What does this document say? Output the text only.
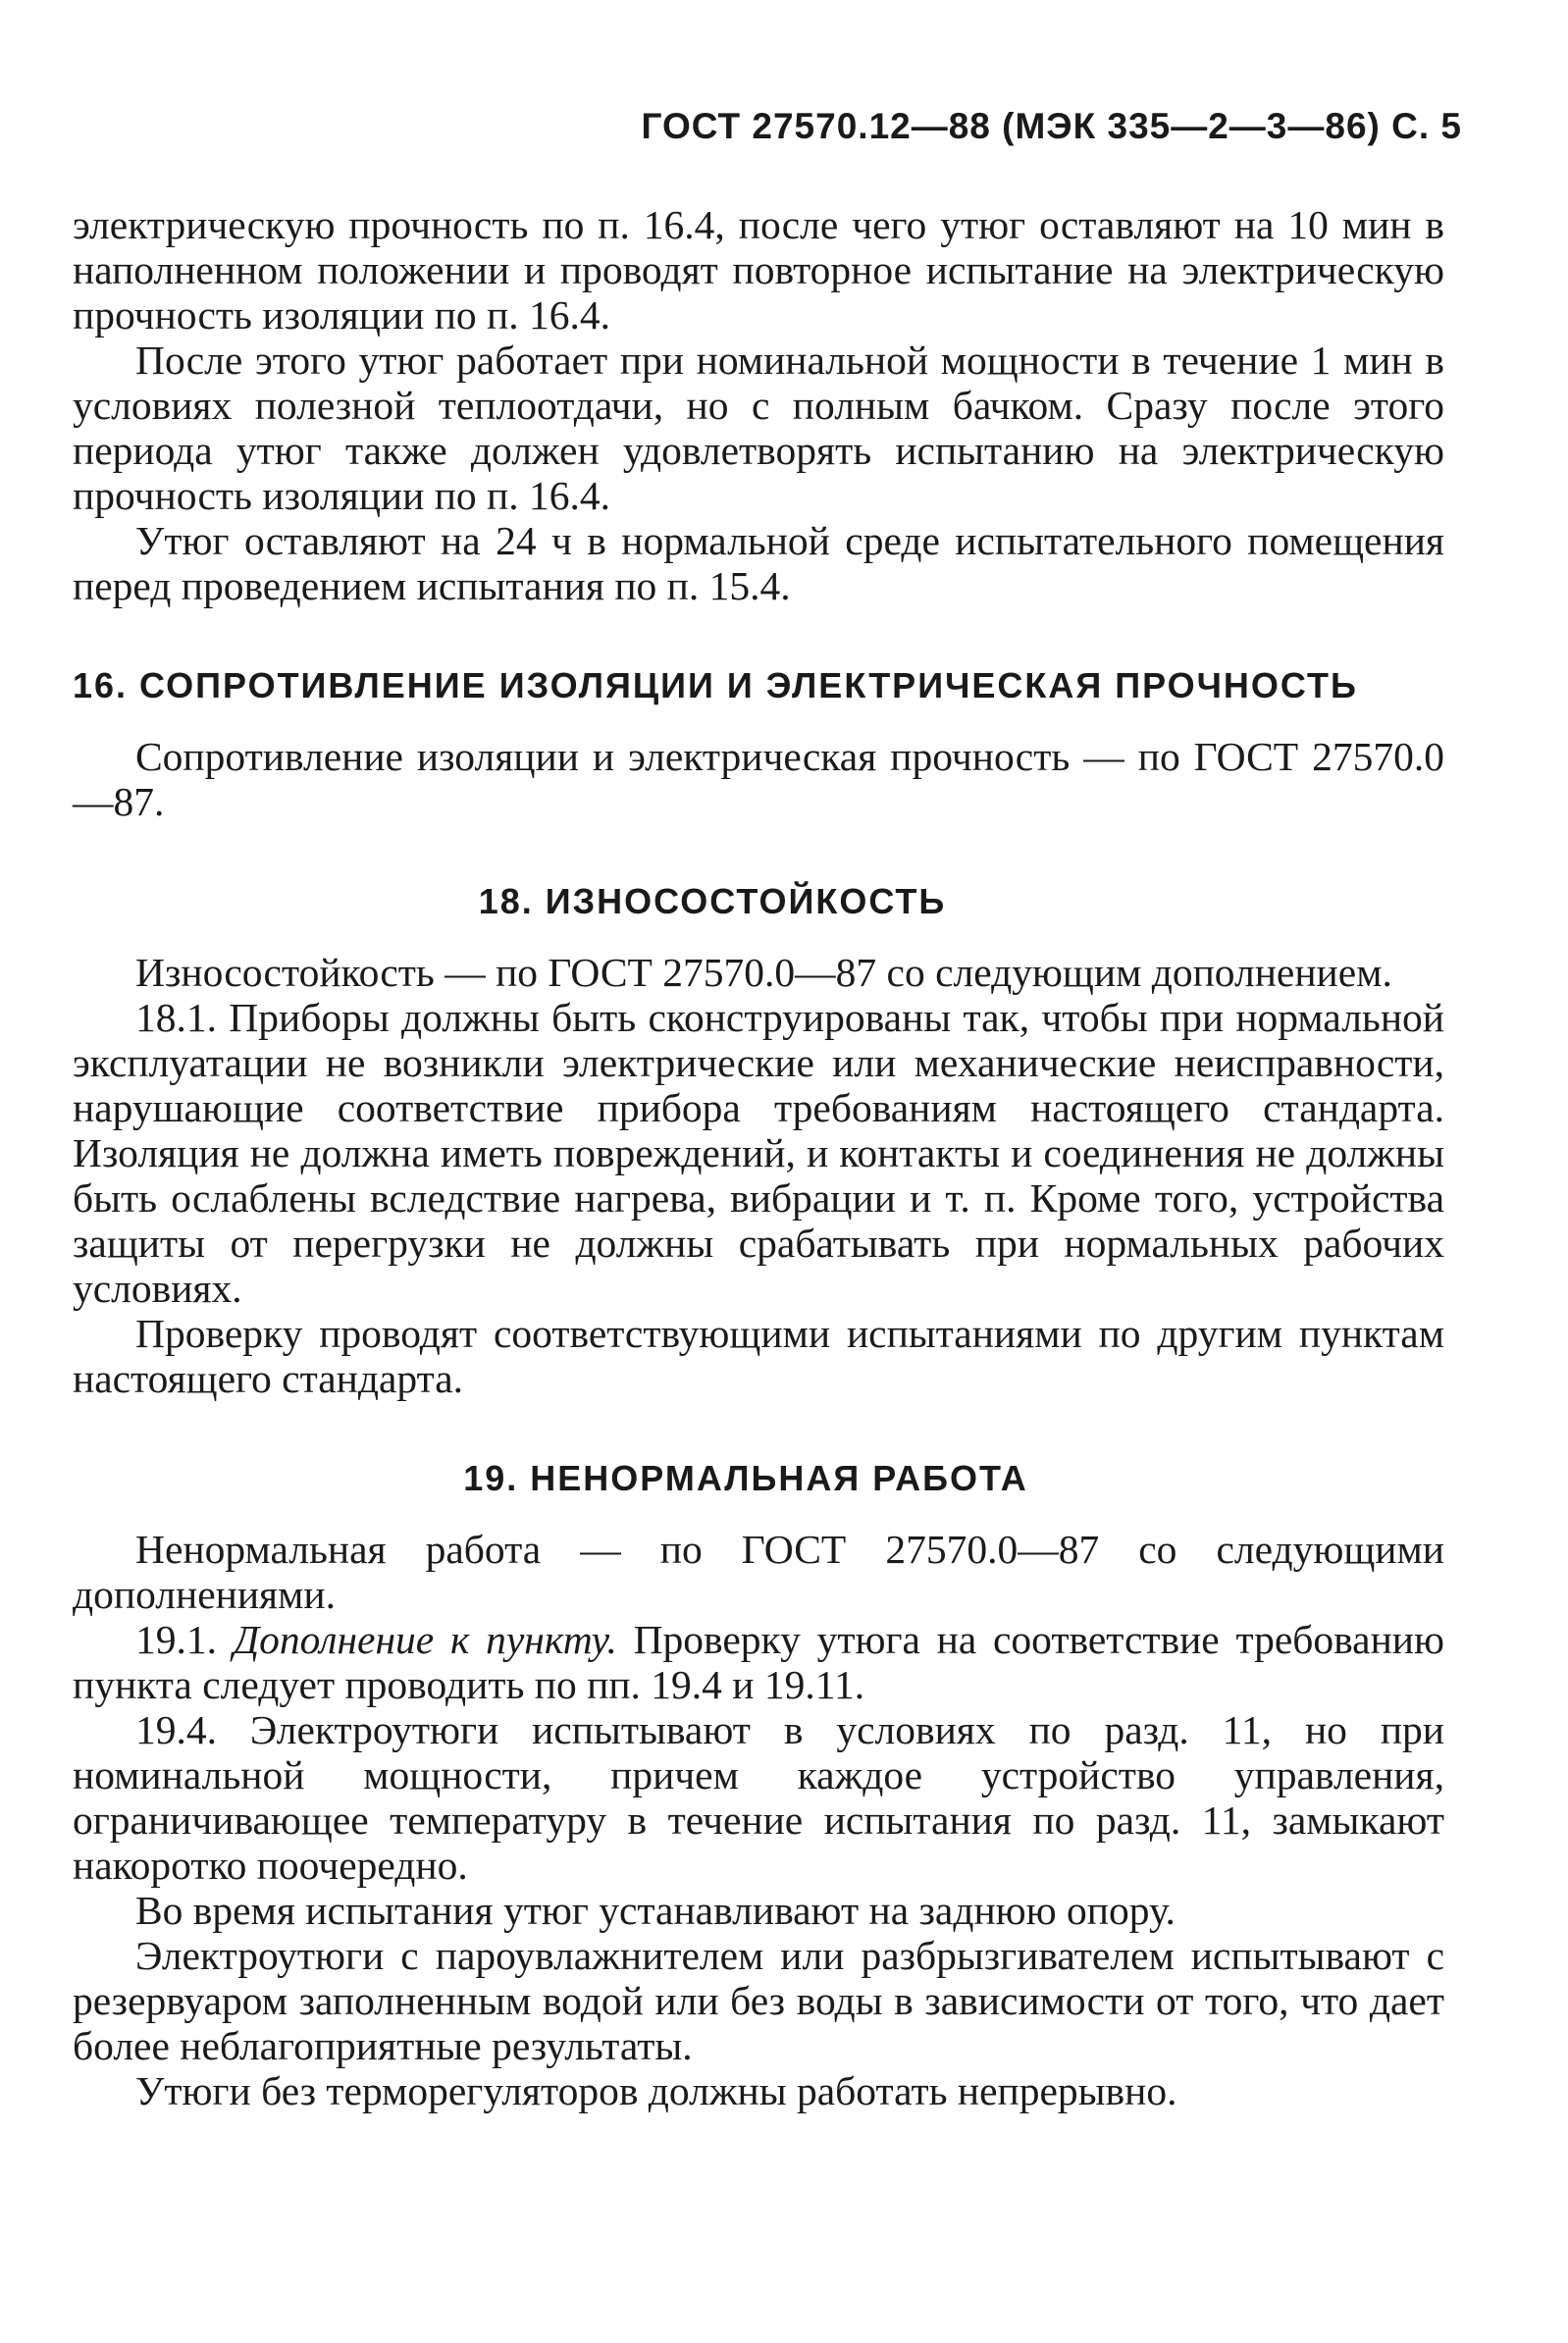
ГОСТ 27570.12—88 (МЭК 335—2—3—86) С. 5

электрическую прочность по п. 16.4, после чего утюг оставляют на 10 мин в наполненном положении и проводят повторное испытание на электрическую прочность изоляции по п. 16.4.

После этого утюг работает при номинальной мощности в течение 1 мин в условиях полезной теплоотдачи, но с полным бачком. Сразу после этого периода утюг также должен удовлетворять испытанию на электрическую прочность изоляции по п. 16.4.

Утюг оставляют на 24 ч в нормальной среде испытательного помещения перед проведением испытания по п. 15.4.

16. СОПРОТИВЛЕНИЕ ИЗОЛЯЦИИ И ЭЛЕКТРИЧЕСКАЯ ПРОЧНОСТЬ

Сопротивление изоляции и электрическая прочность — по ГОСТ 27570.0—87.

18. ИЗНОСОСТОЙКОСТЬ

Износостойкость — по ГОСТ 27570.0—87 со следующим дополнением.

18.1. Приборы должны быть сконструированы так, чтобы при нормальной эксплуатации не возникли электрические или механические неисправности, нарушающие соответствие прибора требованиям настоящего стандарта. Изоляция не должна иметь повреждений, и контакты и соединения не должны быть ослаблены вследствие нагрева, вибрации и т. п. Кроме того, устройства защиты от перегрузки не должны срабатывать при нормальных рабочих условиях.

Проверку проводят соответствующими испытаниями по другим пунктам настоящего стандарта.

19. НЕНОРМАЛЬНАЯ РАБОТА

Ненормальная работа — по ГОСТ 27570.0—87 со следующими дополнениями.

19.1. Дополнение к пункту. Проверку утюга на соответствие требованию пункта следует проводить по пп. 19.4 и 19.11.

19.4. Электроутюги испытывают в условиях по разд. 11, но при номинальной мощности, причем каждое устройство управления, ограничивающее температуру в течение испытания по разд. 11, замыкают накоротко поочередно.

Во время испытания утюг устанавливают на заднюю опору.

Электроутюги с пароувлажнителем или разбрызгивателем испытывают с резервуаром заполненным водой или без воды в зависимости от того, что дает более неблагоприятные результаты.

Утюги без терморегуляторов должны работать непрерывно.
